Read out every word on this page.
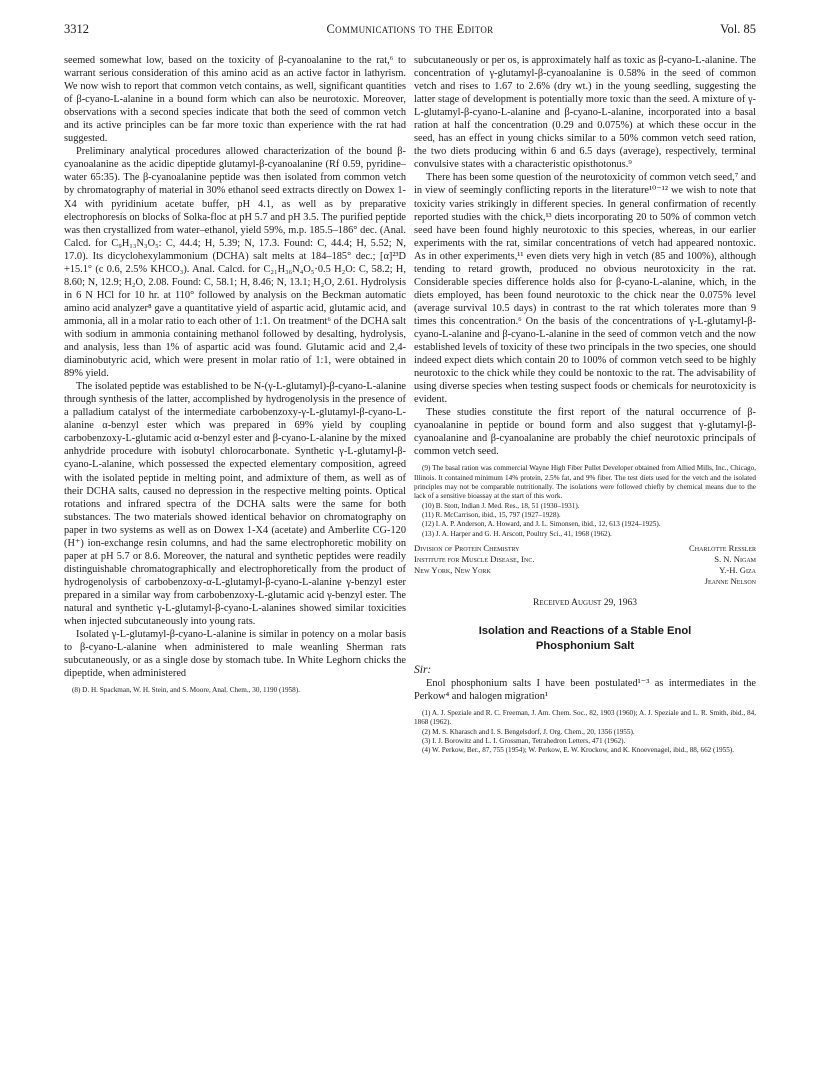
3312	Communications to the Editor	Vol. 85

seemed somewhat low, based on the toxicity of β-cyanoalanine to the rat,⁶ to warrant serious consideration of this amino acid as an active factor in lathyrism. We now wish to report that common vetch contains, as well, significant quantities of β-cyano-L-alanine in a bound form which can also be neurotoxic. Moreover, observations with a second species indicate that both the seed of common vetch and its active principles can be far more toxic than experience with the rat had suggested.

Preliminary analytical procedures allowed characterization of the bound β-cyanoalanine as the acidic dipeptide glutamyl-β-cyanoalanine (Rf 0.59, pyridine–water 65:35). The β-cyanoalanine peptide was then isolated from common vetch by chromatography of material in 30% ethanol seed extracts directly on Dowex 1-X4 with pyridinium acetate buffer, pH 4.1, as well as by preparative electrophoresis on blocks of Solka-floc at pH 5.7 and pH 3.5. The purified peptide was then crystallized from water–ethanol, yield 59%, m.p. 185.5–186° dec. (Anal. Calcd. for C₉H₁₃N₃O₅: C, 44.4; H, 5.39; N, 17.3. Found: C, 44.4; H, 5.52; N, 17.0). Its dicyclohexylammonium (DCHA) salt melts at 184–185° dec.; [α]²³D +15.1° (c 0.6, 2.5% KHCO₃). Anal. Calcd. for C₂₁H₃₆N₄O₅·0.5 H₂O: C, 58.2; H, 8.60; N, 12.9; H₂O, 2.08. Found: C, 58.1; H, 8.46; N, 13.1; H₂O, 2.61. Hydrolysis in 6 N HCl for 10 hr. at 110° followed by analysis on the Beckman automatic amino acid analyzer⁸ gave a quantitative yield of aspartic acid, glutamic acid, and ammonia, all in a molar ratio to each other of 1:1. On treatment⁶ of the DCHA salt with sodium in ammonia containing methanol followed by desalting, hydrolysis, and analysis, less than 1% of aspartic acid was found. Glutamic acid and 2,4-diaminobutyric acid, which were present in molar ratio of 1:1, were obtained in 89% yield.

The isolated peptide was established to be N-(γ-L-glutamyl)-β-cyano-L-alanine through synthesis of the latter, accomplished by hydrogenolysis in the presence of a palladium catalyst of the intermediate carbobenzoxy-γ-L-glutamyl-β-cyano-L-alanine α-benzyl ester which was prepared in 69% yield by coupling carbobenzoxy-L-glutamic acid α-benzyl ester and β-cyano-L-alanine by the mixed anhydride procedure with isobutyl chlorocarbonate. Synthetic γ-L-glutamyl-β-cyano-L-alanine, which possessed the expected elementary composition, agreed with the isolated peptide in melting point, and admixture of them, as well as of their DCHA salts, caused no depression in the respective melting points. Optical rotations and infrared spectra of the DCHA salts were the same for both substances. The two materials showed identical behavior on chromatography on paper in two systems as well as on Dowex 1-X4 (acetate) and Amberlite CG-120 (H⁺) ion-exchange resin columns, and had the same electrophoretic mobility on paper at pH 5.7 or 8.6. Moreover, the natural and synthetic peptides were readily distinguishable chromatographically and electrophoretically from the product of hydrogenolysis of carbobenzoxy-α-L-glutamyl-β-cyano-L-alanine γ-benzyl ester prepared in a similar way from carbobenzoxy-L-glutamic acid γ-benzyl ester. The natural and synthetic γ-L-glutamyl-β-cyano-L-alanines showed similar toxicities when injected subcutaneously into young rats.

Isolated γ-L-glutamyl-β-cyano-L-alanine is similar in potency on a molar basis to β-cyano-L-alanine when administered to male weanling Sherman rats subcutaneously, or as a single dose by stomach tube. In White Leghorn chicks the dipeptide, when administered

(8) D. H. Spackman, W. H. Stein, and S. Moore, Anal. Chem., 30, 1190 (1958).

subcutaneously or per os, is approximately half as toxic as β-cyano-L-alanine. The concentration of γ-glutamyl-β-cyanoalanine is 0.58% in the seed of common vetch and rises to 1.67 to 2.6% (dry wt.) in the young seedling, suggesting the latter stage of development is potentially more toxic than the seed. A mixture of γ-L-glutamyl-β-cyano-L-alanine and β-cyano-L-alanine, incorporated into a basal ration at half the concentration (0.29 and 0.075%) at which these occur in the seed, has an effect in young chicks similar to a 50% common vetch seed ration, the two diets producing within 6 and 6.5 days (average), respectively, terminal convulsive states with a characteristic opisthotonus.⁹

There has been some question of the neurotoxicity of common vetch seed,⁷ and in view of seemingly conflicting reports in the literature¹⁰⁻¹² we wish to note that toxicity varies strikingly in different species. In general confirmation of recently reported studies with the chick,¹³ diets incorporating 20 to 50% of common vetch seed have been found highly neurotoxic to this species, whereas, in our earlier experiments with the rat, similar concentrations of vetch had appeared nontoxic. As in other experiments,¹¹ even diets very high in vetch (85 and 100%), although tending to retard growth, produced no obvious neurotoxicity in the rat. Considerable species difference holds also for β-cyano-L-alanine, which, in the diets employed, has been found neurotoxic to the chick near the 0.075% level (average survival 10.5 days) in contrast to the rat which tolerates more than 9 times this concentration.⁶ On the basis of the concentrations of γ-L-glutamyl-β-cyano-L-alanine and β-cyano-L-alanine in the seed of common vetch and the now established levels of toxicity of these two principals in the two species, one should indeed expect diets which contain 20 to 100% of common vetch seed to be highly neurotoxic to the chick while they could be nontoxic to the rat. The advisability of using diverse species when testing suspect foods or chemicals for neurotoxicity is evident.

These studies constitute the first report of the natural occurrence of β-cyanoalanine in peptide or bound form and also suggest that γ-glutamyl-β-cyanoalanine and β-cyanoalanine are probably the chief neurotoxic principals of common vetch seed.

(9) The basal ration was commercial Wayne High Fiber Pullet Developer obtained from Allied Mills, Inc., Chicago, Illinois. It contained minimum 14% protein, 2.5% fat, and 9% fiber. The test diets used for the vetch and the isolated principles may not be comparable nutritionally. The isolations were followed chiefly by chemical means due to the lack of a sensitive bioassay at the start of this work.

(10) B. Stott, Indian J. Med. Res., 18, 51 (1930–1931).

(11) R. McCarrison, ibid., 15, 797 (1927–1928).

(12) I. A. P. Anderson, A. Howard, and J. L. Simonsen, ibid., 12, 613 (1924–1925).

(13) J. A. Harper and G. H. Arscott, Poultry Sci., 41, 1968 (1962).

Division of Protein Chemistry	Charlotte Ressler
Institute for Muscle Disease, Inc.	S. N. Nigam
New York, New York	Y.-H. Giza

Jeanne Nelson
Received August 29, 1963
Isolation and Reactions of a Stable Enol
Phosphonium Salt

Sir:

Enol phosphonium salts I have been postulated¹⁻³ as intermediates in the Perkow⁴ and halogen migration¹

(1) A. J. Speziale and R. C. Freeman, J. Am. Chem. Soc., 82, 1903 (1960); A. J. Speziale and L. R. Smith, ibid., 84, 1868 (1962).

(2) M. S. Kharasch and I. S. Bengelsdorf, J. Org. Chem., 20, 1356 (1955).

(3) I. J. Borowitz and L. I. Grossman, Tetrahedron Letters, 471 (1962).

(4) W. Perkow, Ber., 87, 755 (1954); W. Perkow, E. W. Krockow, and K. Knoevenagel, ibid., 88, 662 (1955).
